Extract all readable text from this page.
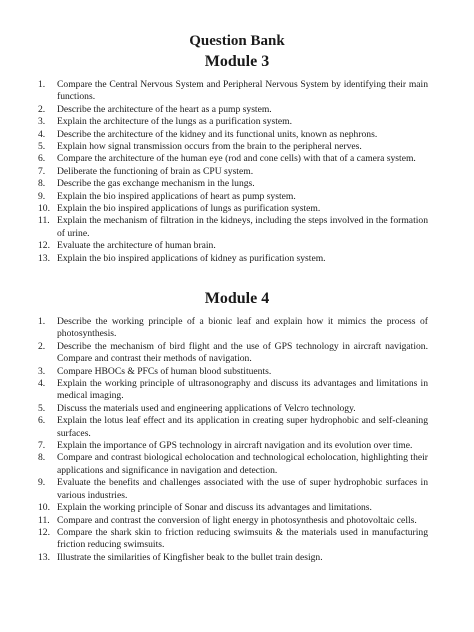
Question Bank
Module 3
1. Compare the Central Nervous System and Peripheral Nervous System by identifying their main functions.
2. Describe the architecture of the heart as a pump system.
3. Explain the architecture of the lungs as a purification system.
4. Describe the architecture of the kidney and its functional units, known as nephrons.
5. Explain how signal transmission occurs from the brain to the peripheral nerves.
6. Compare the architecture of the human eye (rod and cone cells) with that of a camera system.
7. Deliberate the functioning of brain as CPU system.
8. Describe the gas exchange mechanism in the lungs.
9. Explain the bio inspired applications of heart as pump system.
10. Explain the bio inspired applications of lungs as purification system.
11. Explain the mechanism of filtration in the kidneys, including the steps involved in the formation of urine.
12. Evaluate the architecture of human brain.
13. Explain the bio inspired applications of kidney as purification system.
Module 4
1. Describe the working principle of a bionic leaf and explain how it mimics the process of photosynthesis.
2. Describe the mechanism of bird flight and the use of GPS technology in aircraft navigation. Compare and contrast their methods of navigation.
3. Compare HBOCs & PFCs of human blood substituents.
4. Explain the working principle of ultrasonography and discuss its advantages and limitations in medical imaging.
5. Discuss the materials used and engineering applications of Velcro technology.
6. Explain the lotus leaf effect and its application in creating super hydrophobic and self-cleaning surfaces.
7. Explain the importance of GPS technology in aircraft navigation and its evolution over time.
8. Compare and contrast biological echolocation and technological echolocation, highlighting their applications and significance in navigation and detection.
9. Evaluate the benefits and challenges associated with the use of super hydrophobic surfaces in various industries.
10. Explain the working principle of Sonar and discuss its advantages and limitations.
11. Compare and contrast the conversion of light energy in photosynthesis and photovoltaic cells.
12. Compare the shark skin to friction reducing swimsuits & the materials used in manufacturing friction reducing swimsuits.
13. Illustrate the similarities of Kingfisher beak to the bullet train design.
